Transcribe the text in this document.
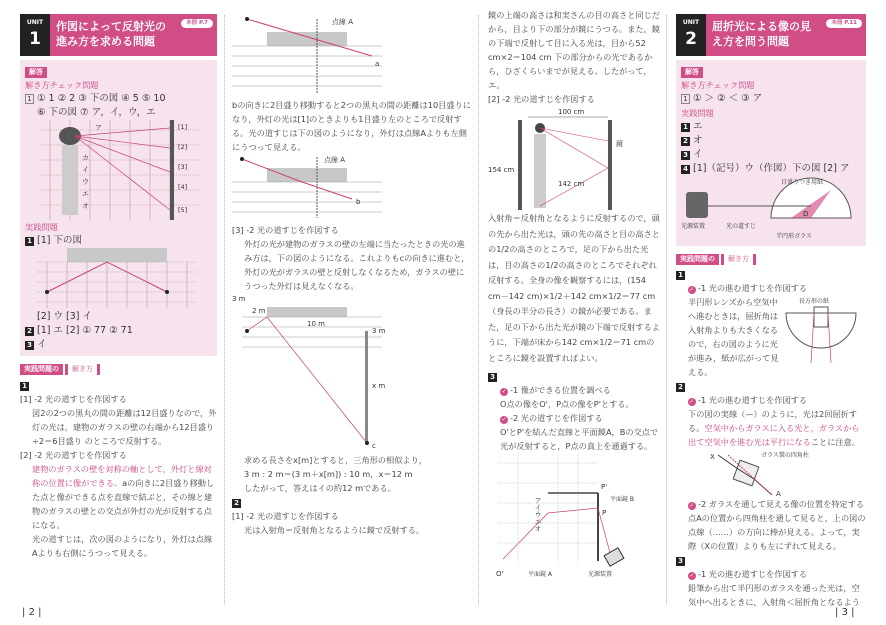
UNIT
1
作図によって反射光の進み方を求める問題
本冊 P.7
解答

解き方チェック問題

1 ① 1 ② 2 ③ 下の図 ④ 5 ⑤ 10

⑥ 下の図 ⑦ ア，イ，ウ，エ

ア
カ
イ
ウ
エ
オ
[1]
[2]
[3]
[4]
[5]

実践問題

1 [1] 下の図

[2] ウ [3] イ

2 [1] エ [2] ① 77 ② 71

3 イ

実践問題の 解き方

1

[1] -2 光の道すじを作図する

図2の2つの黒丸の間の距離は12目盛りなので，外灯の光は，建物のガラスの壁の右端から12目盛り÷2＝6目盛り のところで反射する。

[2] -2 光の道すじを作図する

建物のガラスの壁を対称の軸として，外灯と線対称の位置に像ができる。aの向きに2目盛り移動した点と像ができる点を直線で結ぶと，その線と建物のガラスの壁との交点が外灯の光が反射する点になる。

光の道すじは，次の図のようになり，外灯は点線Aよりも右側にうつって見える。

点線 A
a

bの向きに2目盛り移動すると2つの黒丸の間の距離は10目盛りになり，外灯の光は[1]のときよりも1目盛り左のところで反射する。光の道すじは下の図のようになり，外灯は点線Aよりも左側にうつって見える。

点線 A
b

[3] -2 光の道すじを作図する

外灯の光が建物のガラスの壁の左端に当たったときの光の進み方は，下の図のようになる。これよりもcの向きに進むと，外灯の光がガラスの壁と反射しなくなるため，ガラスの壁にうつった外灯は見えなくなる。

3 m
2 m
10 m
3 m
x m
c

求める長さをx[m]とすると，三角形の相似より，

3 m : 2 m＝(3 m＋x[m]) : 10 m，x＝12 m

したがって，答えはイの約12 mである。

2

[1] -2 光の道すじを作図する

光は入射角＝反射角となるように鏡で反射する。

鏡の上端の高さは和実さんの目の高さと同じだから，目より下の部分が鏡にうつる。また，鏡の下端で反射して目に入る光は，目から52 cm×2＝104 cm 下の部分からの光であるから，ひざくらいまでが見える。したがって，エ。

[2] -2 光の道すじを作図する

100 cm
154 cm
142 cm
鏡

入射角＝反射角となるように反射するので，頭の先から出た光は，頭の先の高さと目の高さとの1/2の高さのところで，足の下から出た光は，目の高さの1/2の高さのところでそれぞれ反射する。全身の像を観察するには，(154 cm－142 cm)×1/2＋142 cm×1/2＝77 cm（身長の半分の長さ）の鏡が必要である。また，足の下から出た光が鏡の下端で反射するように，下端が床から142 cm×1/2＝71 cmのところに鏡を設置すればよい。

3

✓ -1 像ができる位置を調べる

O点の像をO'，P点の像をP'とする。

✓ -2 光の道すじを作図する

O'とP'を結んだ直線と平面鏡A，Bの交点で光が反射すると，P点の真上を通過する。

アイウエオ
P'
P
平面鏡 B
O'	平面鏡 A	光源装置
UNIT
2
屈折光による像の見え方を問う問題
本冊 P.11
解答

解き方チェック問題

1 ① ＞ ② ＜ ③ ア

実践問題

1 エ

2 オ

3 イ

4 [1]（記号）ウ（作図）下の図 [2] ア

目盛りつき用紙
D
光源装置	光の道すじ
半円形ガラス
実践問題の 解き方

1

✓ -1 光の進む道すじを作図する

半円形レンズから空気中へ進むときは，屈折角は入射角よりも大きくなるので，右の図のように光が進み，紙が広がって見える。

長方形の紙

2

✓ -1 光の進む道すじを作図する

下の図の実線（—）のように，光は2回屈折する。空気中からガラスに入る光と，ガラスから出て空気中を進む光は平行になることに注意。

ガラス製の四角柱
X
A

✓ -2 ガラスを通して見える像の位置を特定する

点Aの位置から四角柱を通して見ると，上の図の点線（……）の方向に棒が見える。よって，実際（Xの位置）よりも左にずれて見える。

3

✓ -1 光の進む道すじを作図する

鉛筆から出て半円形のガラスを通った光は，空気中へ出るときに，入射角＜屈折角となるよう

| 2 |	| 3 |
